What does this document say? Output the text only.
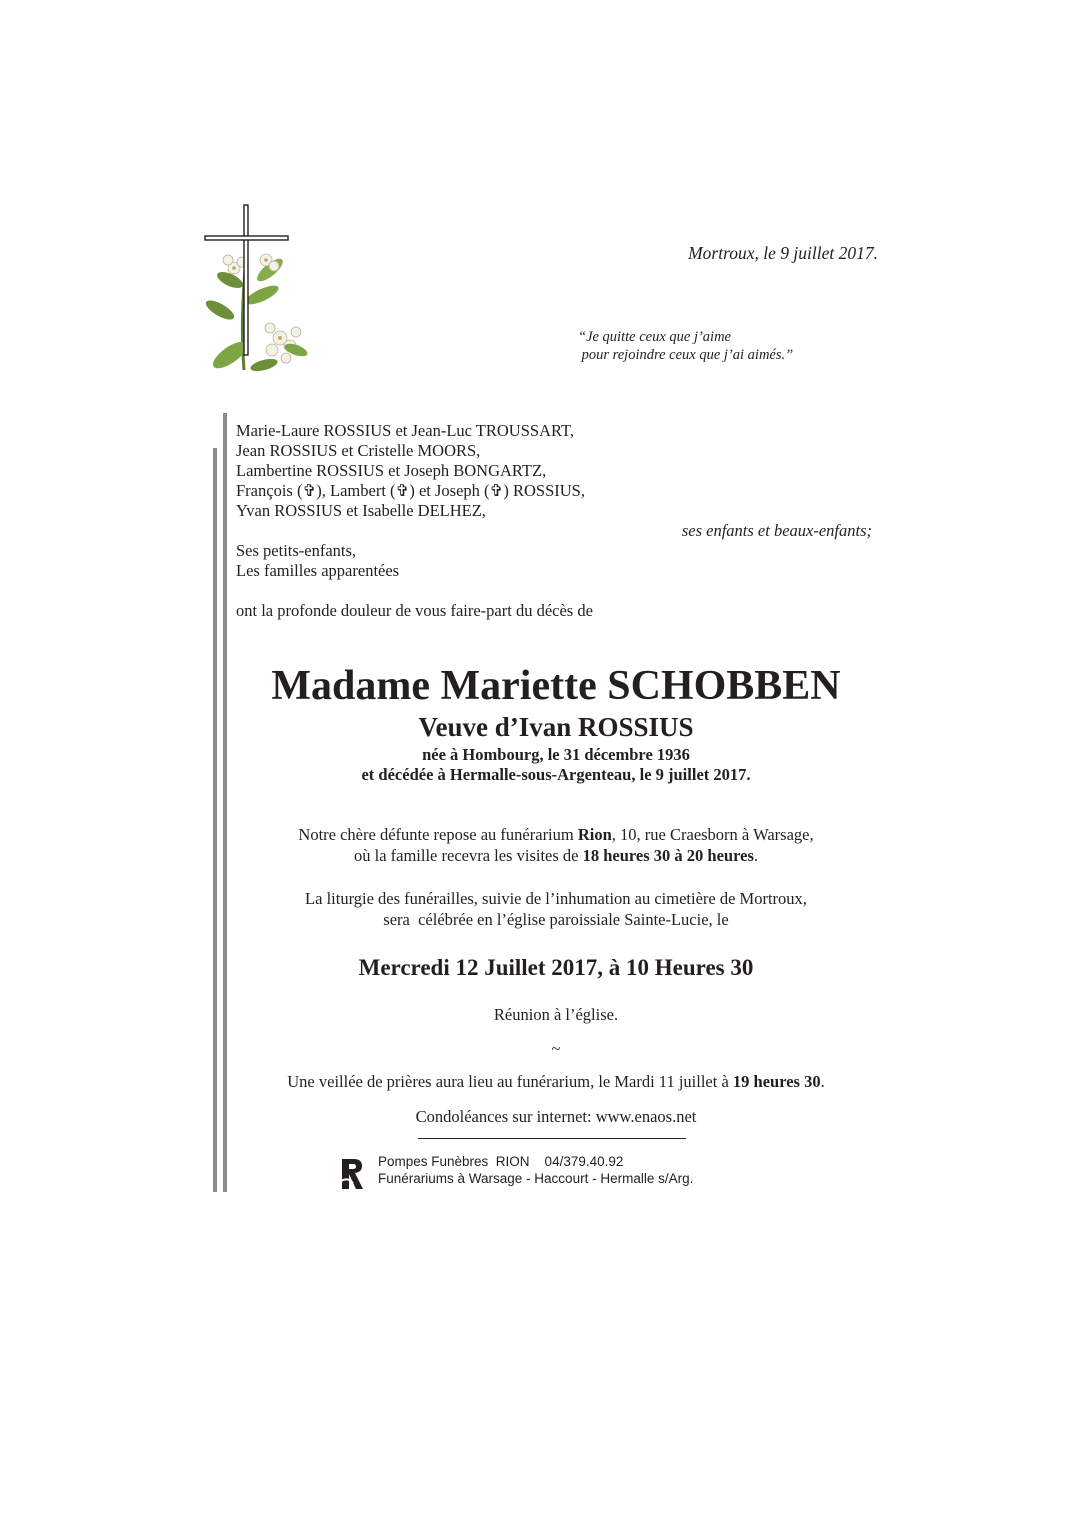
Mortroux, le 9 juillet 2017.
“Je quitte ceux que j’aime
pour rejoindre ceux que j’ai aimés.”
Marie-Laure ROSSIUS et Jean-Luc TROUSSART,
Jean ROSSIUS et Cristelle MOORS,
Lambertine ROSSIUS et Joseph BONGARTZ,
François (✞), Lambert (✞) et Joseph (✞) ROSSIUS,
Yvan ROSSIUS et Isabelle DELHEZ,
ses enfants et beaux-enfants;
Ses petits-enfants,
Les familles apparentées
ont la profonde douleur de vous faire-part du décès de
Madame Mariette SCHOBBEN
Veuve d’Ivan ROSSIUS
née à Hombourg, le 31 décembre 1936
et décédée à Hermalle-sous-Argenteau, le 9 juillet 2017.
Notre chère défunte repose au funérarium Rion, 10, rue Craesborn à Warsage,
où la famille recevra les visites de 18 heures 30 à 20 heures.
La liturgie des funérailles, suivie de l’inhumation au cimetière de Mortroux,
sera  célébrée en l’église paroissiale Sainte-Lucie, le
Mercredi 12 Juillet 2017, à 10 Heures 30
Réunion à l’église.
~
Une veillée de prières aura lieu au funérarium, le Mardi 11 juillet à 19 heures 30.
Condoléances sur internet: www.enaos.net
Pompes Funèbres  RION    04/379.40.92
Funérariums à Warsage - Haccourt - Hermalle s/Arg.
